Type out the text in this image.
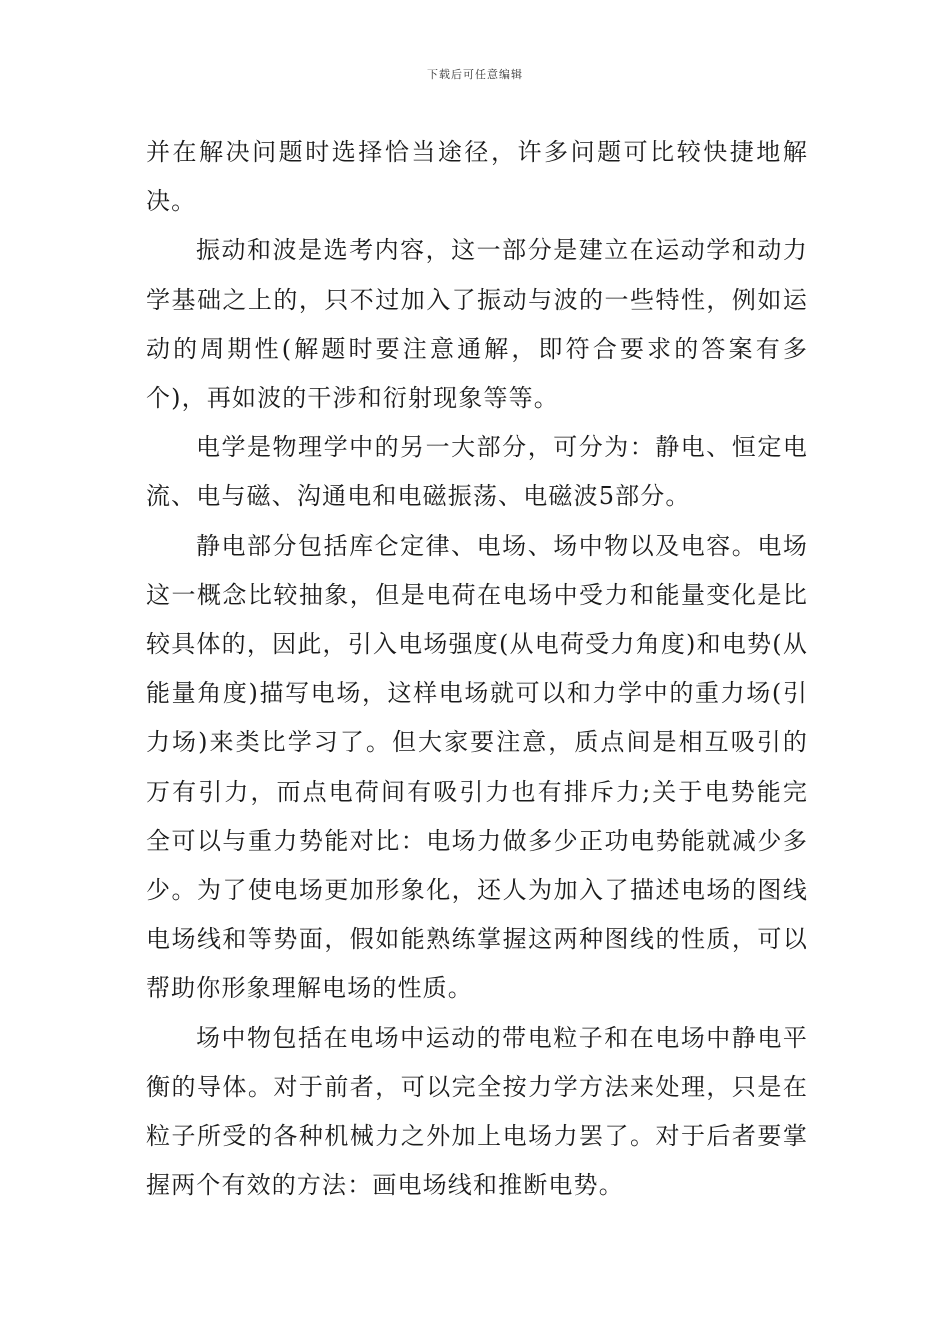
下载后可任意编辑

并在解决问题时选择恰当途径，许多问题可比较快捷地解决。

振动和波是选考内容，这一部分是建立在运动学和动力学基础之上的，只不过加入了振动与波的一些特性，例如运动的周期性(解题时要注意通解，即符合要求的答案有多个)，再如波的干涉和衍射现象等等。

电学是物理学中的另一大部分，可分为：静电、恒定电流、电与磁、沟通电和电磁振荡、电磁波5部分。

静电部分包括库仑定律、电场、场中物以及电容。电场这一概念比较抽象，但是电荷在电场中受力和能量变化是比较具体的，因此，引入电场强度(从电荷受力角度)和电势(从能量角度)描写电场，这样电场就可以和力学中的重力场(引力场)来类比学习了。但大家要注意，质点间是相互吸引的万有引力，而点电荷间有吸引力也有排斥力;关于电势能完全可以与重力势能对比：电场力做多少正功电势能就减少多少。为了使电场更加形象化，还人为加入了描述电场的图线 电场线和等势面，假如能熟练掌握这两种图线的性质，可以帮助你形象理解电场的性质。

场中物包括在电场中运动的带电粒子和在电场中静电平衡的导体。对于前者，可以完全按力学方法来处理，只是在粒子所受的各种机械力之外加上电场力罢了。对于后者要掌握两个有效的方法：画电场线和推断电势。
